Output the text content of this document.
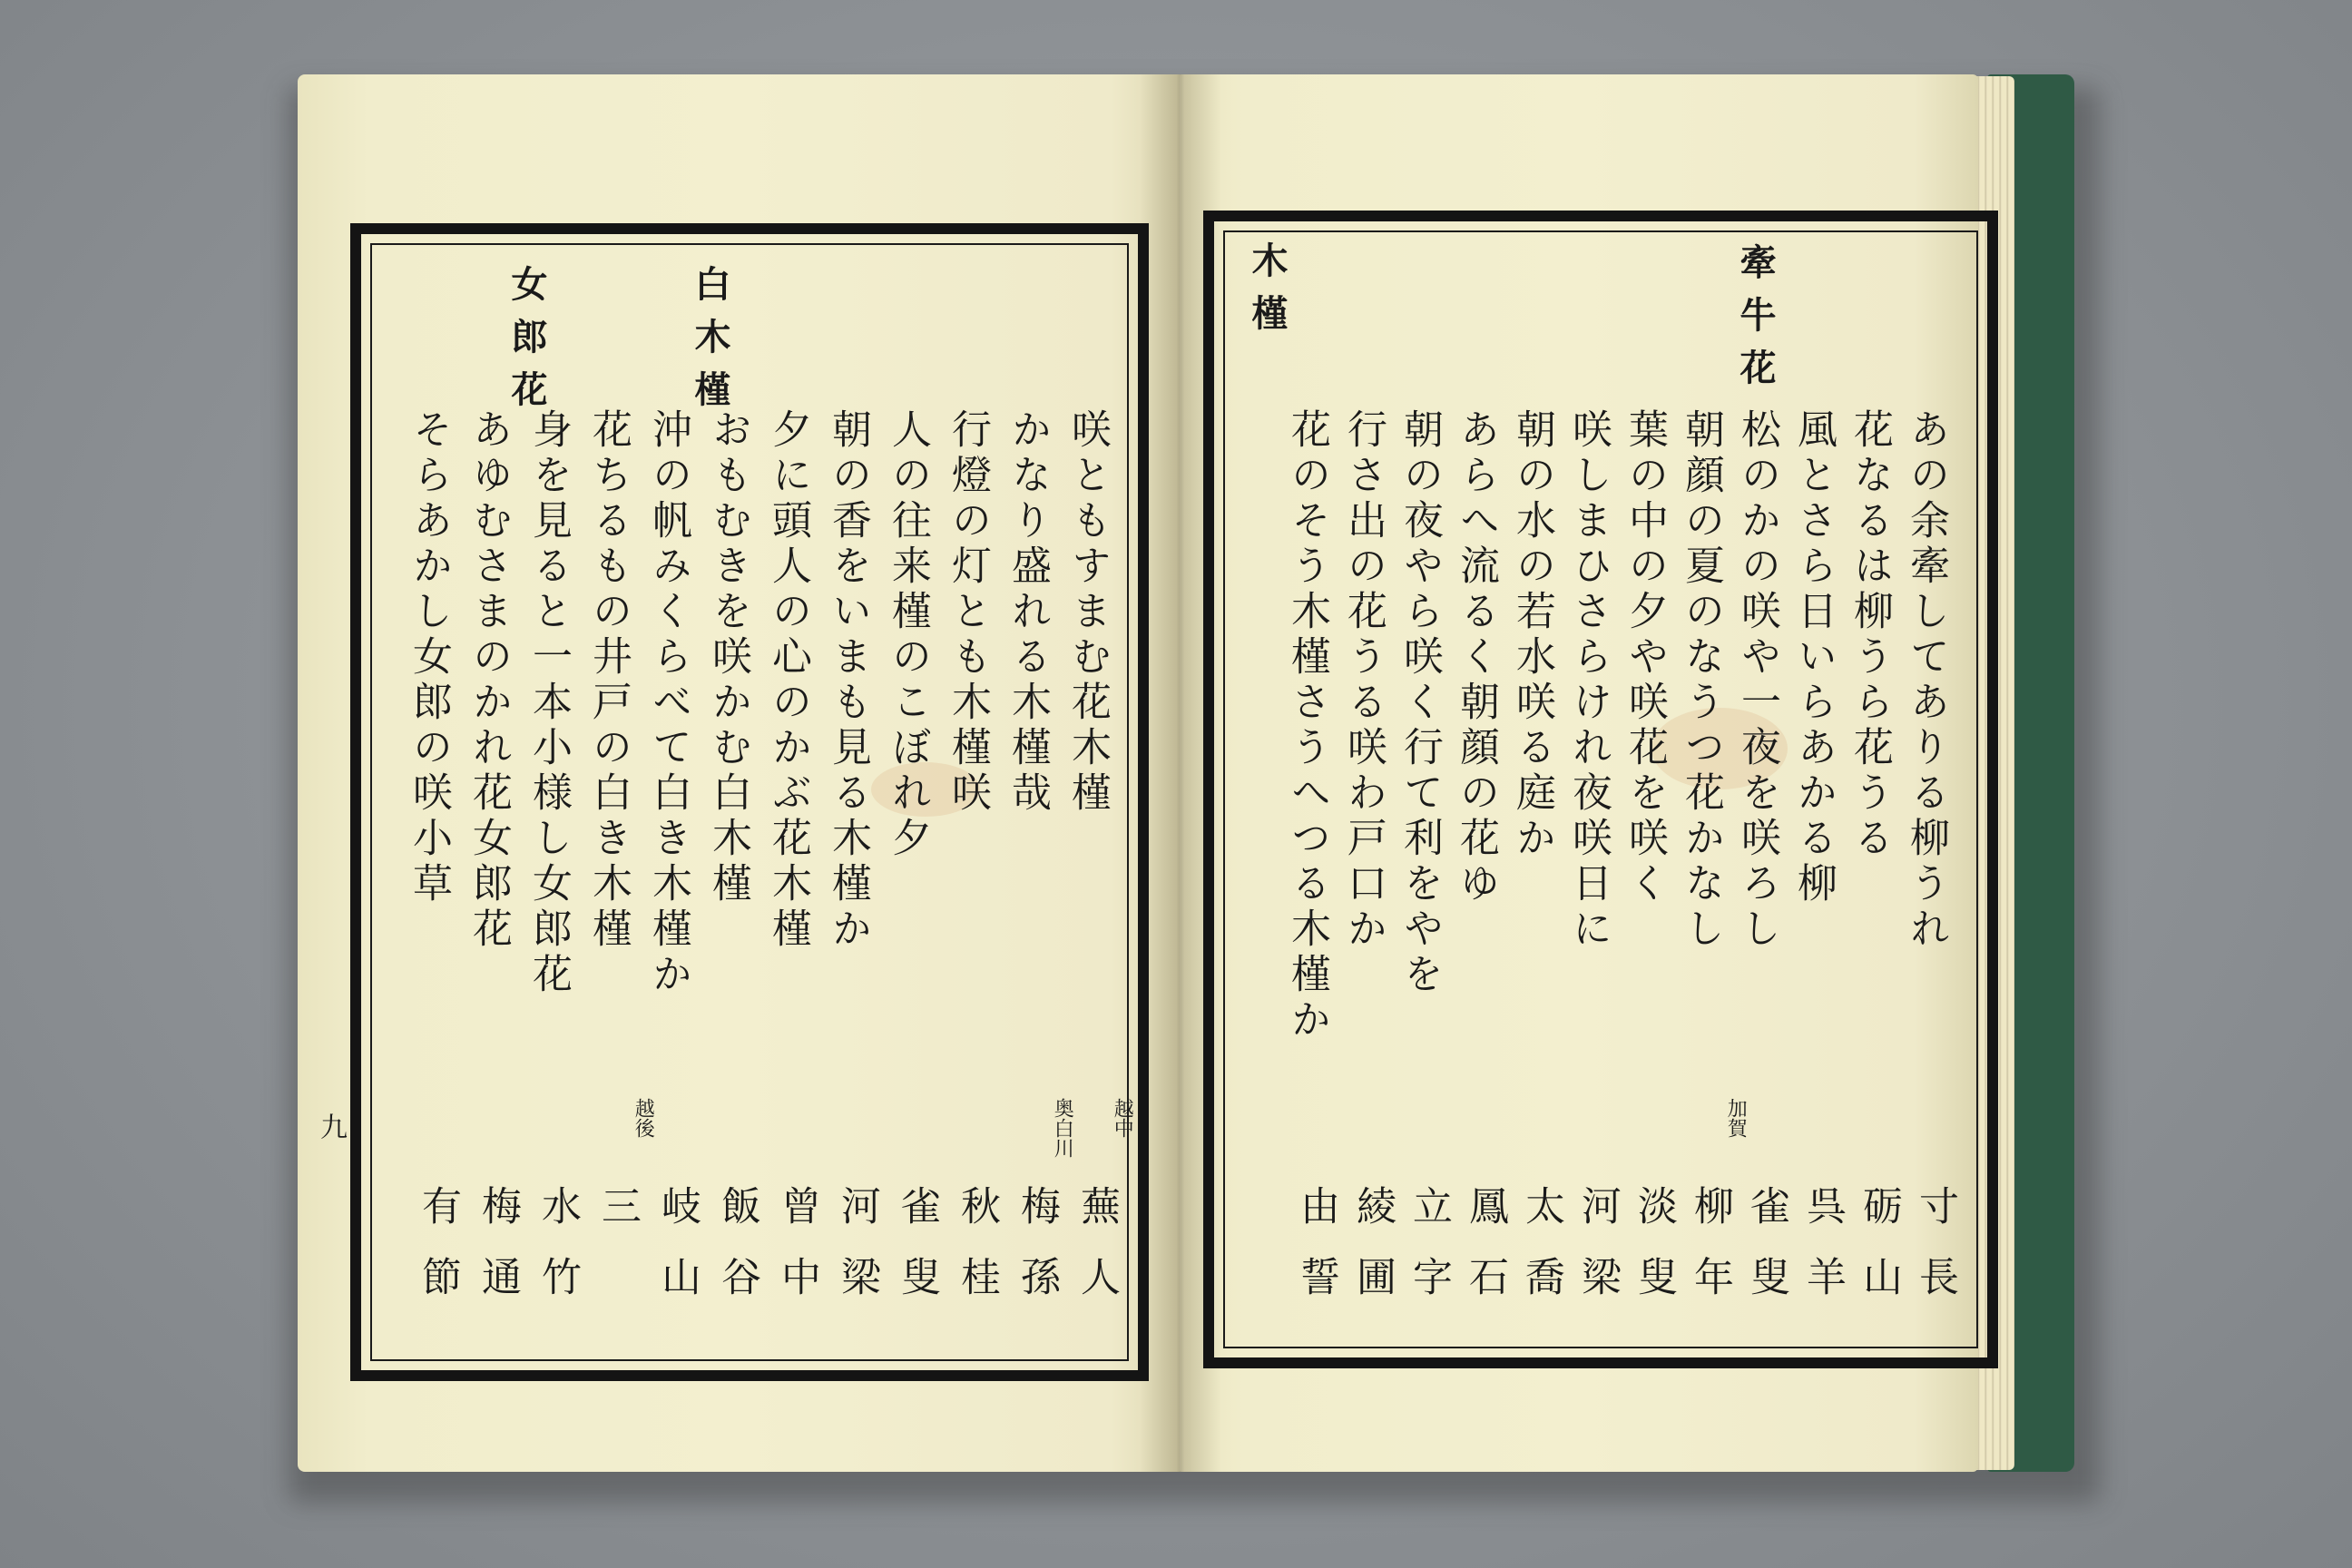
白木槿
女郎花
九
咲ともすまむ花木槿
越中
蕪人
かなり盛れる木槿哉
奥白川
梅孫
行燈の灯とも木槿咲
秋桂
人の往来槿のこぼれ夕
雀叟
朝の香をいまも見る木槿か
河梁
夕に頭人の心のかぶ花木槿
曾中
おもむきを咲かむ白木槿
飯谷
沖の帆みくらべて白き木槿か
岐山
花ちるもの井戸の白き木槿
越後
三
身を見ると一本小様し女郎花
水竹
あゆむさまのかれ花女郎花
梅通
そらあかし女郎の咲小草
有節
牽牛花
木槿
あの余牽してありる柳うれ
寸長
花なるは柳うら花うる
砺山
風とさら日いらあかる柳
呉羊
松のかの咲や一夜を咲ろし
雀叟
朝顔の夏のなうつ花かなし
加賀
柳年
葉の中の夕や咲花を咲く
淡叟
咲しまひさらけれ夜咲日に
河梁
朝の水の若水咲る庭か
太喬
あらへ流るく朝顔の花ゆ
鳳石
朝の夜やら咲く行て利をやを
立字
行さ出の花うる咲わ戸口か
綾圃
花のそう木槿さうへつる木槿か
由誓
